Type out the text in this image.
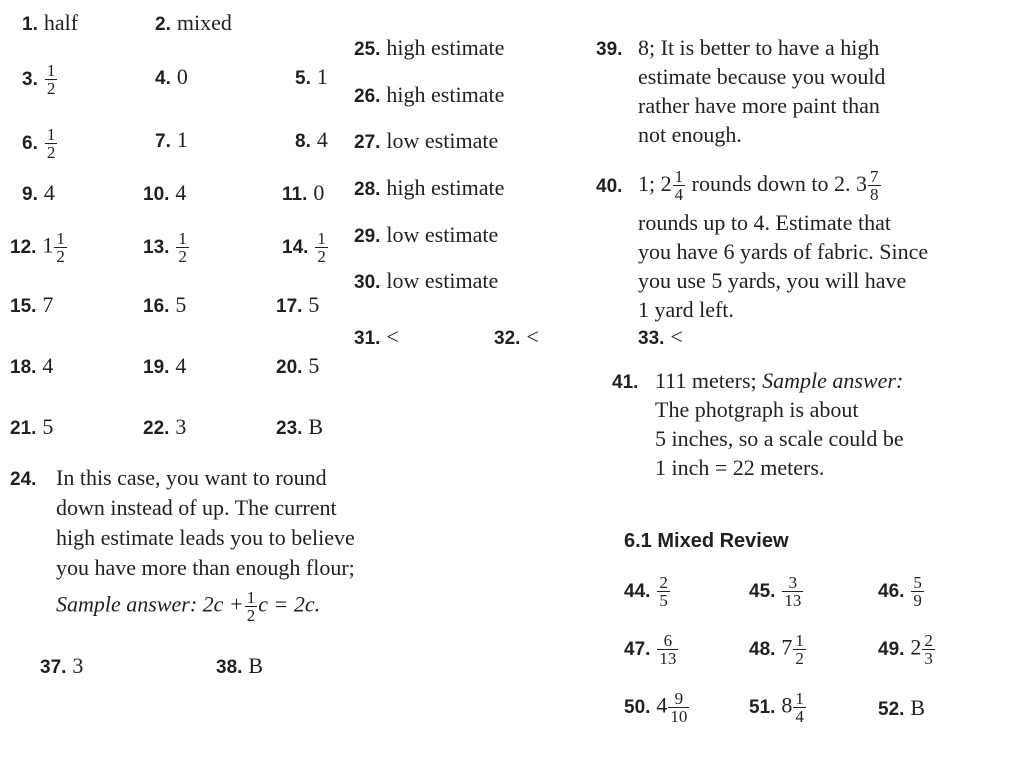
1. half	2. mixed
3. $\frac{1}{2}$	4. 0	5. 1
6. $\frac{1}{2}$	7. 1	8. 4
9. 4	10. 4	11. 0
12. $1 \frac{1}{2}$	13. $\frac{1}{2}$	14. $\frac{1}{2}$
15. 7	16. 5	17. 5
18. 4	19. 4	20. 5
21. 5	22. 3	23. B
24. In this case, you want to round
down instead of up. The current
high estimate leads you to believe
you have more than enough flour;
Sample answer: $2c + \frac{1}{2}$ c = 2c.
37. 3	38. B
25. high estimate
26. high estimate
27. low estimate
28. high estimate
29. low estimate
30. low estimate
31. <	32. <	33. <
39. 8; It is better to have a high
estimate because you would
rather have more paint than
not enough.
40. 1; $2 \frac{1}{4}$ rounds down to 2. $3 \frac{7}{8}$
rounds up to 4. Estimate that
you have 6 yards of fabric. Since
you use 5 yards, you will have
1 yard left.
41. 111 meters; Sample answer:
The photgraph is about
5 inches, so a scale could be
1 inch = 22 meters.
6.1 Mixed Review
44. $\frac{2}{5}$	45. $\frac{3}{13}$	46. $\frac{5}{9}$
47. $\frac{6}{13}$	48. $7 \frac{1}{2}$	49. $2 \frac{2}{3}$
50. $4 \frac{9}{10}$	51. $8 \frac{1}{4}$	52. B
